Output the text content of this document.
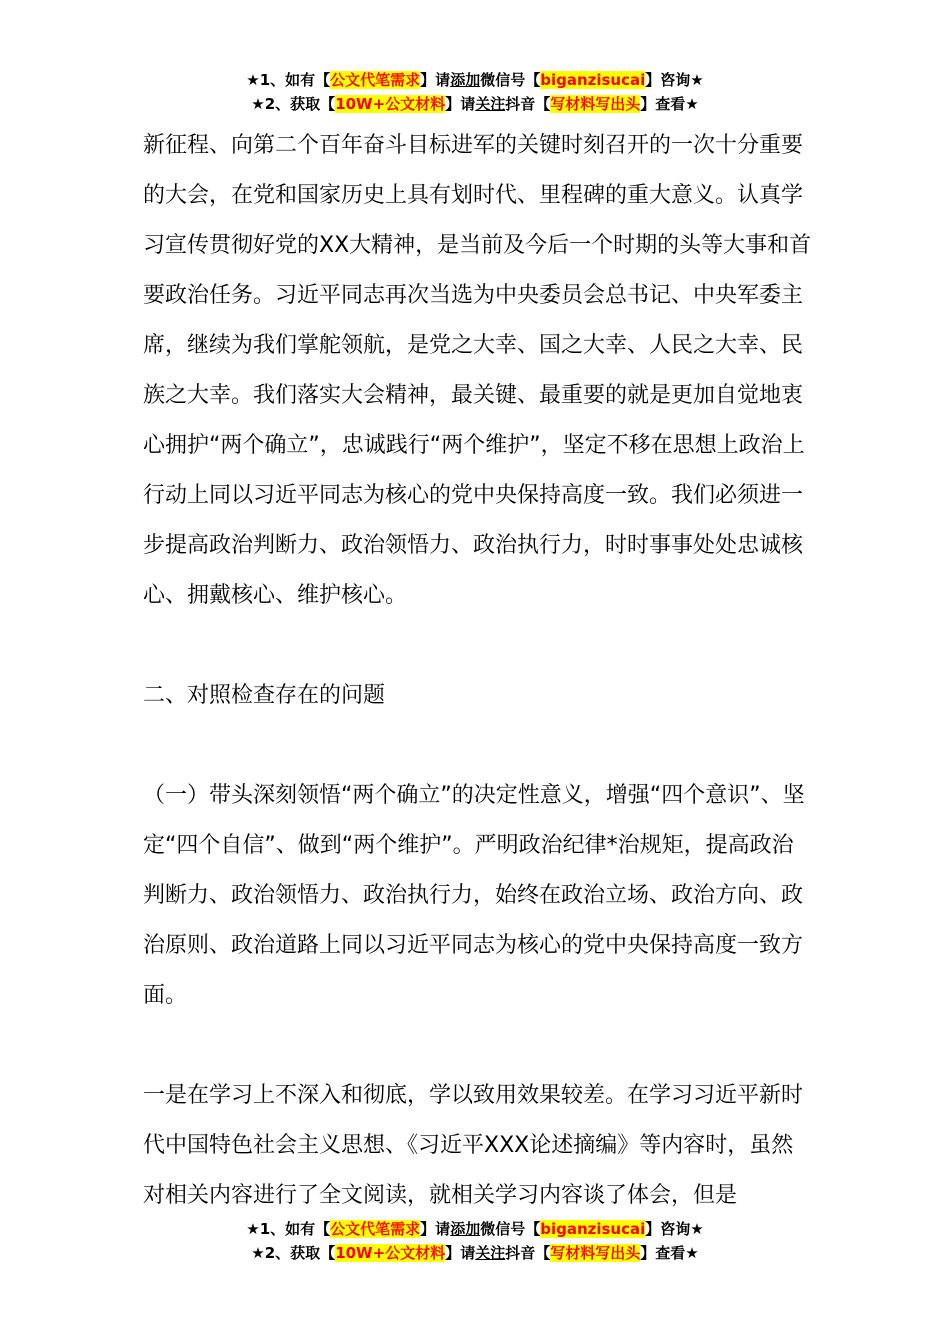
★1、如有【公文代笔需求】请添加微信号【biganzisucai】咨询★
★2、获取【10W+公文材料】请关注抖音【写材料写出头】查看★

新征程、向第二个百年奋斗目标进军的关键时刻召开的一次十分重要的大会，在党和国家历史上具有划时代、里程碑的重大意义。认真学习宣传贯彻好党的XX大精神，是当前及今后一个时期的头等大事和首要政治任务。习近平同志再次当选为中央委员会总书记、中央军委主席，继续为我们掌舵领航，是党之大幸、国之大幸、人民之大幸、民族之大幸。我们落实大会精神，最关键、最重要的就是更加自觉地衷心拥护“两个确立”，忠诚践行“两个维护”，坚定不移在思想上政治上行动上同以习近平同志为核心的党中央保持高度一致。我们必须进一步提高政治判断力、政治领悟力、政治执行力，时时事事处处忠诚核心、拥戴核心、维护核心。

二、对照检查存在的问题

（一）带头深刻领悟“两个确立”的决定性意义，增强“四个意识”、坚定“四个自信”、做到“两个维护”。严明政治纪律*治规矩，提高政治判断力、政治领悟力、政治执行力，始终在政治立场、政治方向、政治原则、政治道路上同以习近平同志为核心的党中央保持高度一致方面。

一是在学习上不深入和彻底，学以致用效果较差。在学习习近平新时代中国特色社会主义思想、《习近平XXX论述摘编》等内容时，虽然对相关内容进行了全文阅读，就相关学习内容谈了体会，但是

★1、如有【公文代笔需求】请添加微信号【biganzisucai】咨询★
★2、获取【10W+公文材料】请关注抖音【写材料写出头】查看★
